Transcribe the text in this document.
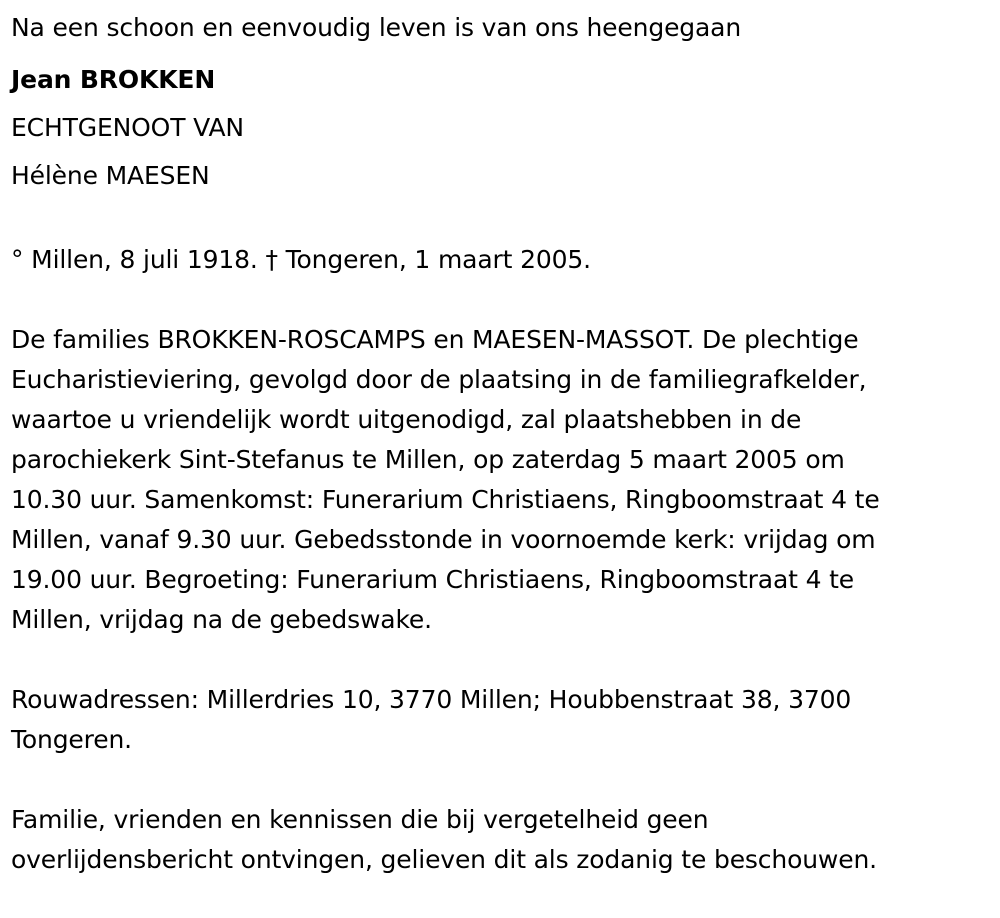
Na een schoon en eenvoudig leven is van ons heengegaan

Jean BROKKEN
ECHTGENOOT VAN
Hélène MAESEN

° Millen, 8 juli 1918. † Tongeren, 1 maart 2005.

De families BROKKEN-ROSCAMPS en MAESEN-MASSOT. De plechtige
Eucharistieviering, gevolgd door de plaatsing in de familiegrafkelder,
waartoe u vriendelijk wordt uitgenodigd, zal plaatshebben in de
parochiekerk Sint-Stefanus te Millen, op zaterdag 5 maart 2005 om
10.30 uur. Samenkomst: Funerarium Christiaens, Ringboomstraat 4 te
Millen, vanaf 9.30 uur. Gebedsstonde in voornoemde kerk: vrijdag om
19.00 uur. Begroeting: Funerarium Christiaens, Ringboomstraat 4 te
Millen, vrijdag na de gebedswake.

Rouwadressen: Millerdries 10, 3770 Millen; Houbbenstraat 38, 3700
Tongeren.

Familie, vrienden en kennissen die bij vergetelheid geen
overlijdensbericht ontvingen, gelieven dit als zodanig te beschouwen.
